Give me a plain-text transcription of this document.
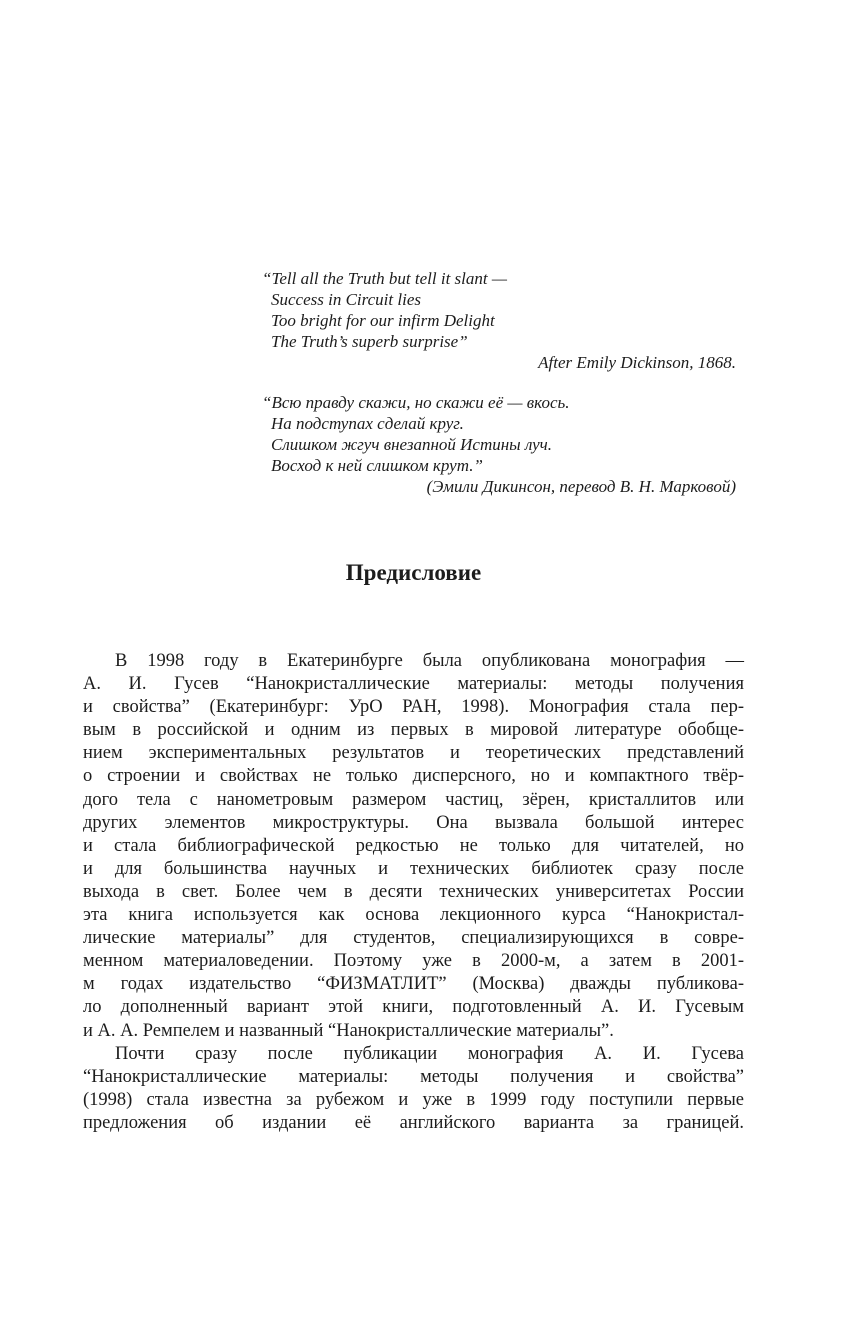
“Tell all the Truth but tell it slant —
Success in Circuit lies
Too bright for our infirm Delight
The Truth’s superb surprise”
After Emily Dickinson, 1868.
“Всю правду скажи, но скажи её — вкось.
На подступах сделай круг.
Слишком жгуч внезапной Истины луч.
Восход к ней слишком крут.”
(Эмили Дикинсон, перевод В. Н. Марковой)
Предисловие
В 1998 году в Екатеринбурге была опубликована монография —
А. И. Гусев “Нанокристаллические материалы: методы получения
и свойства” (Екатеринбург: УрО РАН, 1998). Монография стала пер-
вым в российской и одним из первых в мировой литературе обобще-
нием экспериментальных результатов и теоретических представлений
о строении и свойствах не только дисперсного, но и компактного твёр-
дого тела с нанометровым размером частиц, зёрен, кристаллитов или
других элементов микроструктуры. Она вызвала большой интерес
и стала библиографической редкостью не только для читателей, но
и для большинства научных и технических библиотек сразу после
выхода в свет. Более чем в десяти технических университетах России
эта книга используется как основа лекционного курса “Нанокристал-
лические материалы” для студентов, специализирующихся в совре-
менном материаловедении. Поэтому уже в 2000-м, а затем в 2001-
м годах издательство “ФИЗМАТЛИТ” (Москва) дважды публикова-
ло дополненный вариант этой книги, подготовленный А. И. Гусевым
и А. А. Ремпелем и названный “Нанокристаллические материалы”.
Почти сразу после публикации монография А. И. Гусева
“Нанокристаллические материалы: методы получения и свойства”
(1998) стала известна за рубежом и уже в 1999 году поступили первые
предложения об издании её английского варианта за границей.
